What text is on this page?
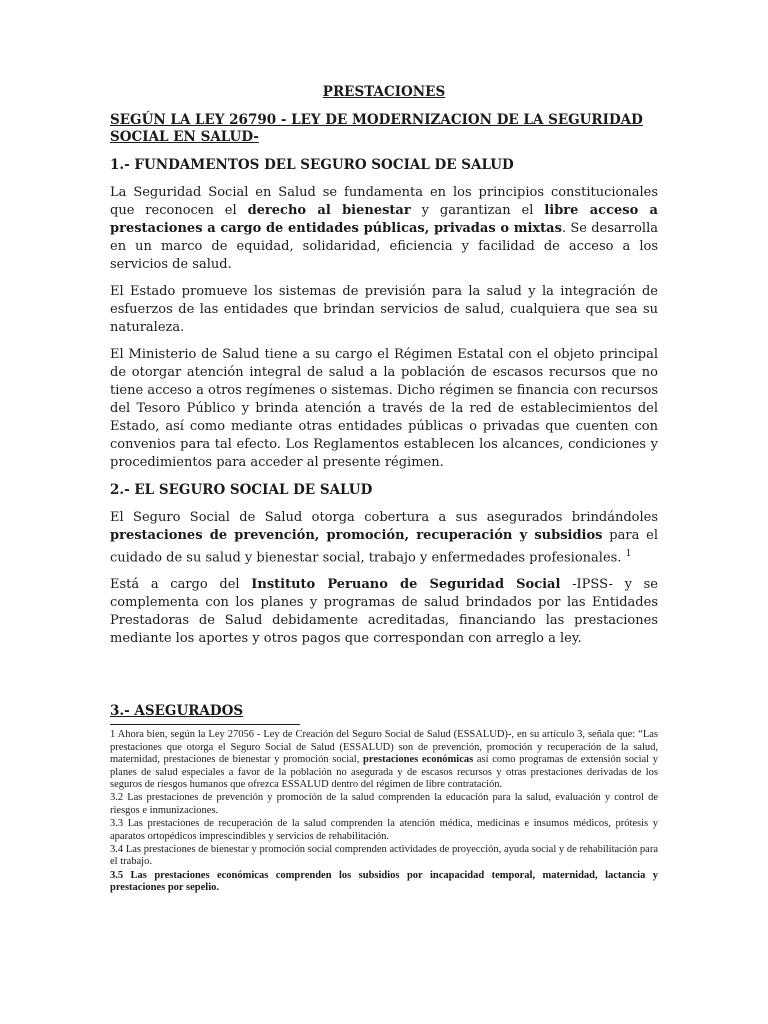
PRESTACIONES
SEGÚN LA LEY 26790 - LEY DE MODERNIZACION DE LA SEGURIDAD SOCIAL EN SALUD-
1.- FUNDAMENTOS DEL SEGURO SOCIAL DE SALUD

La Seguridad Social en Salud se fundamenta en los principios constitucionales que reconocen el derecho al bienestar y garantizan el libre acceso a prestaciones a cargo de entidades públicas, privadas o mixtas. Se desarrolla en un marco de equidad, solidaridad, eficiencia y facilidad de acceso a los servicios de salud.

El Estado promueve los sistemas de previsión para la salud y la integración de esfuerzos de las entidades que brindan servicios de salud, cualquiera que sea su naturaleza.

El Ministerio de Salud tiene a su cargo el Régimen Estatal con el objeto principal de otorgar atención integral de salud a la población de escasos recursos que no tiene acceso a otros regímenes o sistemas. Dicho régimen se financia con recursos del Tesoro Público y brinda atención a través de la red de establecimientos del Estado, así como mediante otras entidades públicas o privadas que cuenten con convenios para tal efecto. Los Reglamentos establecen los alcances, condiciones y procedimientos para acceder al presente régimen.

2.- EL SEGURO SOCIAL DE SALUD

El Seguro Social de Salud otorga cobertura a sus asegurados brindándoles prestaciones de prevención, promoción, recuperación y subsidios para el cuidado de su salud y bienestar social, trabajo y enfermedades profesionales. $^1$

Está a cargo del Instituto Peruano de Seguridad Social -IPSS- y se complementa con los planes y programas de salud brindados por las Entidades Prestadoras de Salud debidamente acreditadas, financiando las prestaciones mediante los aportes y otros pagos que correspondan con arreglo a ley.

3.- ASEGURADOS

1 Ahora bien, según la Ley 27056 - Ley de Creación del Seguro Social de Salud (ESSALUD)-, en su artículo 3, señala que: “Las prestaciones que otorga el Seguro Social de Salud (ESSALUD) son de prevención, promoción y recuperación de la salud, maternidad, prestaciones de bienestar y promoción social, prestaciones económicas así como programas de extensión social y planes de salud especiales a favor de la población no asegurada y de escasos recursos y otras prestaciones derivadas de los seguros de riesgos humanos que ofrezca ESSALUD dentro del régimen de libre contratación.

3.2 Las prestaciones de prevención y promoción de la salud comprenden la educación para la salud, evaluación y control de riesgos e inmunizaciones.

3.3 Las prestaciones de recuperación de la salud comprenden la atención médica, medicinas e insumos médicos, prótesis y aparatos ortopédicos imprescindibles y servicios de rehabilitación.

3.4 Las prestaciones de bienestar y promoción social comprenden actividades de proyección, ayuda social y de rehabilitación para el trabajo.

3.5 Las prestaciones económicas comprenden los subsidios por incapacidad temporal, maternidad, lactancia y prestaciones por sepelio.
